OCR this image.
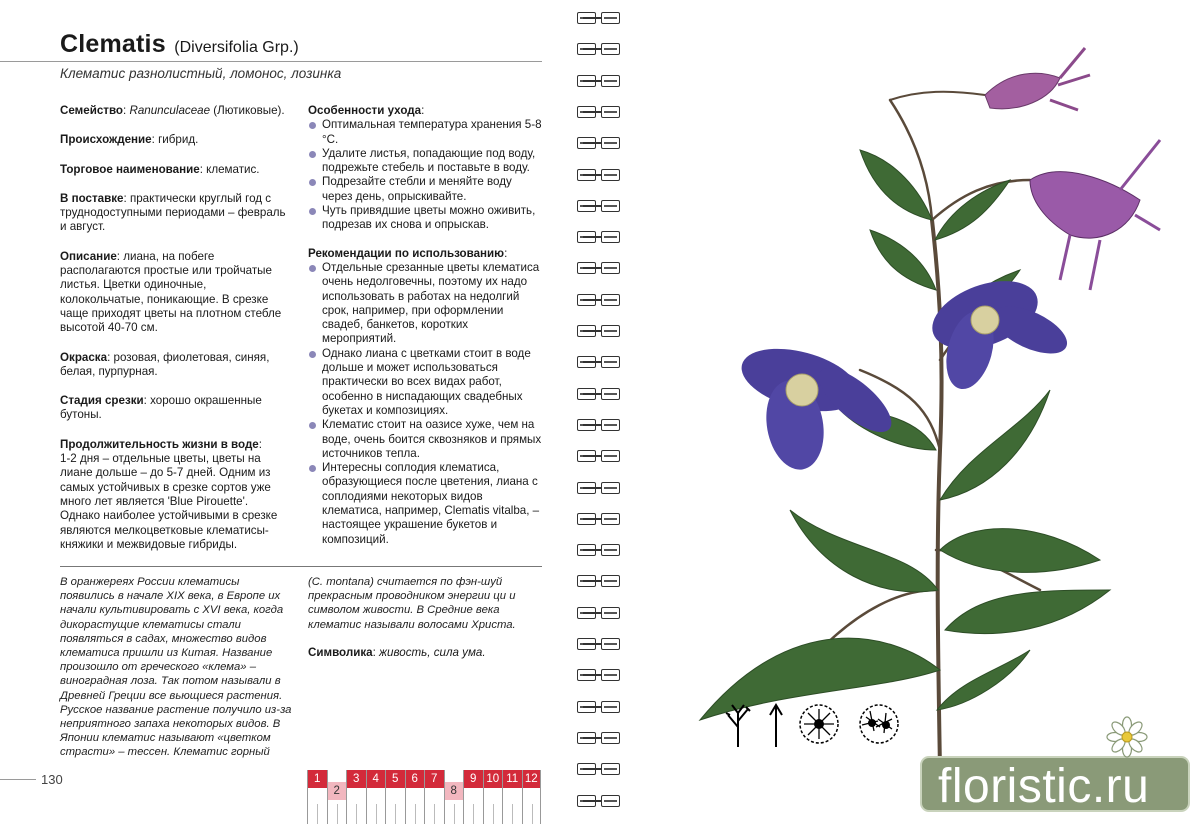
Clematis (Diversifolia Grp.)
Клематис разнолистный, ломонос, лозинка

Семейство: Ranunculaceae (Лютиковые).

Происхождение: гибрид.

Торговое наименование: клематис.

В поставке: практически круглый год с труднодоступными периодами – февраль и август.

Описание: лиана, на побеге располагаются простые или тройчатые листья. Цветки одиночные, колокольчатые, поникающие. В срезке чаще приходят цветы на плотном стебле высотой 40-70 см.

Окраска: розовая, фиолетовая, синяя, белая, пурпурная.

Стадия срезки: хорошо окрашенные бутоны.

Продолжительность жизни в воде:
1-2 дня – отдельные цветы, цветы на лиане дольше – до 5-7 дней. Одним из самых устойчивых в срезке сортов уже много лет является 'Blue Pirouette'. Однако наиболее устойчивыми в срезке являются мелкоцветковые клематисы-княжики и межвидовые гибриды.

Особенности ухода:

Оптимальная температура хранения 5-8 °С.
Удалите листья, попадающие под воду, подрежьте стебель и поставьте в воду.
Подрезайте стебли и меняйте воду через день, опрыскивайте.
Чуть привядшие цветы можно оживить, подрезав их снова и опрыскав.

Рекомендации по использованию:

Отдельные срезанные цветы клематиса очень недолговечны, поэтому их надо использовать в работах на недолгий срок, например, при оформлении свадеб, банкетов, коротких мероприятий.
Однако лиана с цветками стоит в воде дольше и может использоваться практически во всех видах работ, особенно в ниспадающих свадебных букетах и композициях.
Клематис стоит на оазисе хуже, чем на воде, очень боится сквозняков и прямых источников тепла.
Интересны соплодия клематиса, образующиеся после цветения, лиана с соплодиями некоторых видов клематиса, например, Clematis vitalba, – настоящее украшение букетов и композиций.
В оранжереях России клематисы появились в начале XIX века, в Европе их начали культивировать с XVI века, когда дикорастущие клематисы стали появляться в садах, множество видов клематиса пришли из Китая. Название произошло от греческого «клема» – виноградная лоза. Так потом называли в Древней Греции все вьющиеся растения. Русское название растение получило из-за неприятного запаха некоторых видов. В Японии клематис называют «цветком страсти» – тессен. Клематис горный
(C. montana) считается по фэн-шуй прекрасным проводником энергии ци и символом живости. В Средние века клематис называли волосами Христа.
Символика: живость, сила ума.
130	1
2
3	4	5	6	7
8
9 10 11 12	floristic.ru
